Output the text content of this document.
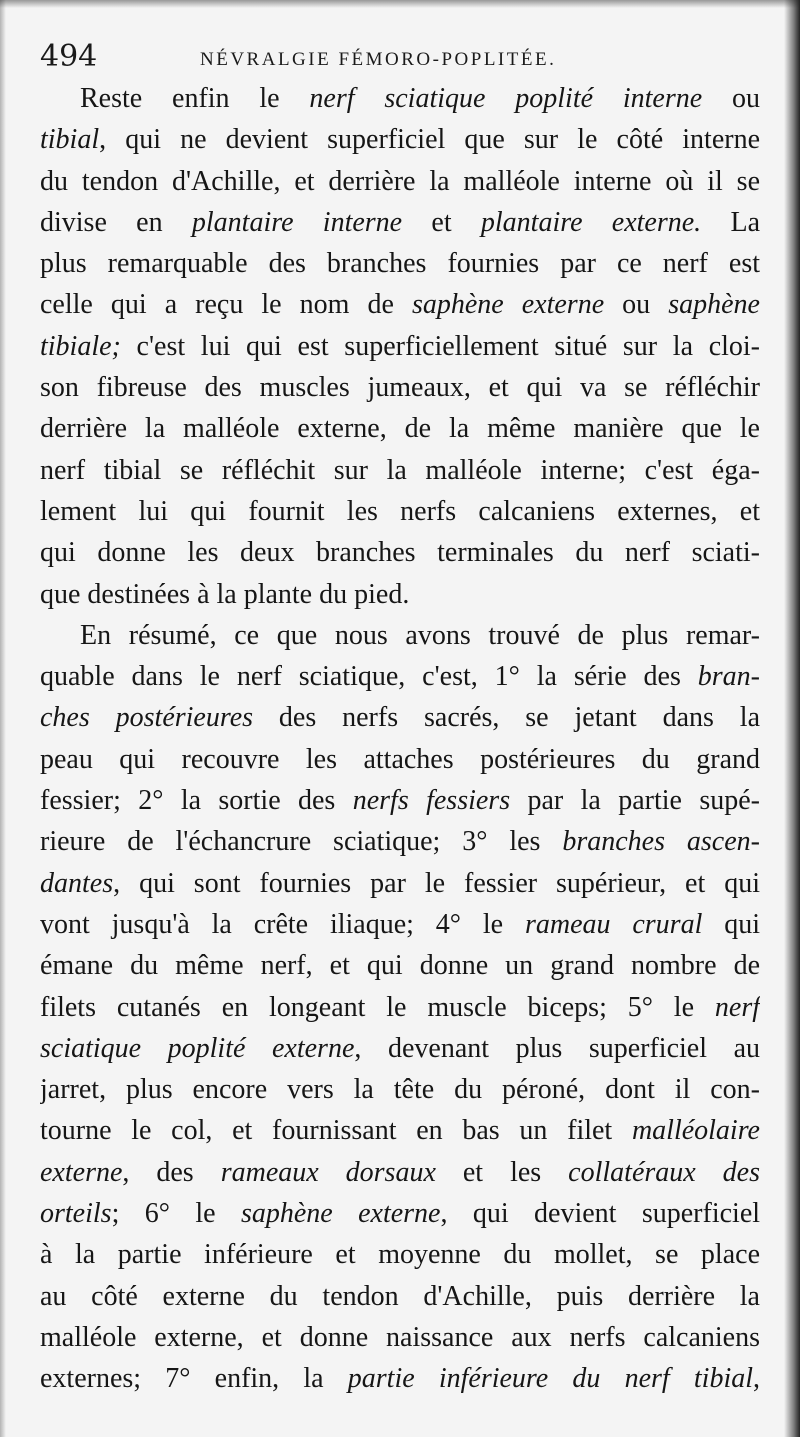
494	NÉVRALGIE FÉMORO-POPLITÉE.
Reste enfin le nerf sciatique poplité interne ou
tibial, qui ne devient superficiel que sur le côté interne
du tendon d'Achille, et derrière la malléole interne où il se
divise en plantaire interne et plantaire externe. La
plus remarquable des branches fournies par ce nerf est
celle qui a reçu le nom de saphène externe ou saphène
tibiale; c'est lui qui est superficiellement situé sur la cloi-
son fibreuse des muscles jumeaux, et qui va se réfléchir
derrière la malléole externe, de la même manière que le
nerf tibial se réfléchit sur la malléole interne; c'est éga-
lement lui qui fournit les nerfs calcaniens externes, et
qui donne les deux branches terminales du nerf sciati-
que destinées à la plante du pied.
En résumé, ce que nous avons trouvé de plus remar-
quable dans le nerf sciatique, c'est, 1° la série des bran-
ches postérieures des nerfs sacrés, se jetant dans la
peau qui recouvre les attaches postérieures du grand
fessier; 2° la sortie des nerfs fessiers par la partie supé-
rieure de l'échancrure sciatique; 3° les branches ascen-
dantes, qui sont fournies par le fessier supérieur, et qui
vont jusqu'à la crête iliaque; 4° le rameau crural qui
émane du même nerf, et qui donne un grand nombre de
filets cutanés en longeant le muscle biceps; 5° le nerf
sciatique poplité externe, devenant plus superficiel au
jarret, plus encore vers la tête du péroné, dont il con-
tourne le col, et fournissant en bas un filet malléolaire
externe, des rameaux dorsaux et les collatéraux des
orteils; 6° le saphène externe, qui devient superficiel
à la partie inférieure et moyenne du mollet, se place
au côté externe du tendon d'Achille, puis derrière la
malléole externe, et donne naissance aux nerfs calcaniens
externes; 7° enfin, la partie inférieure du nerf tibial,
